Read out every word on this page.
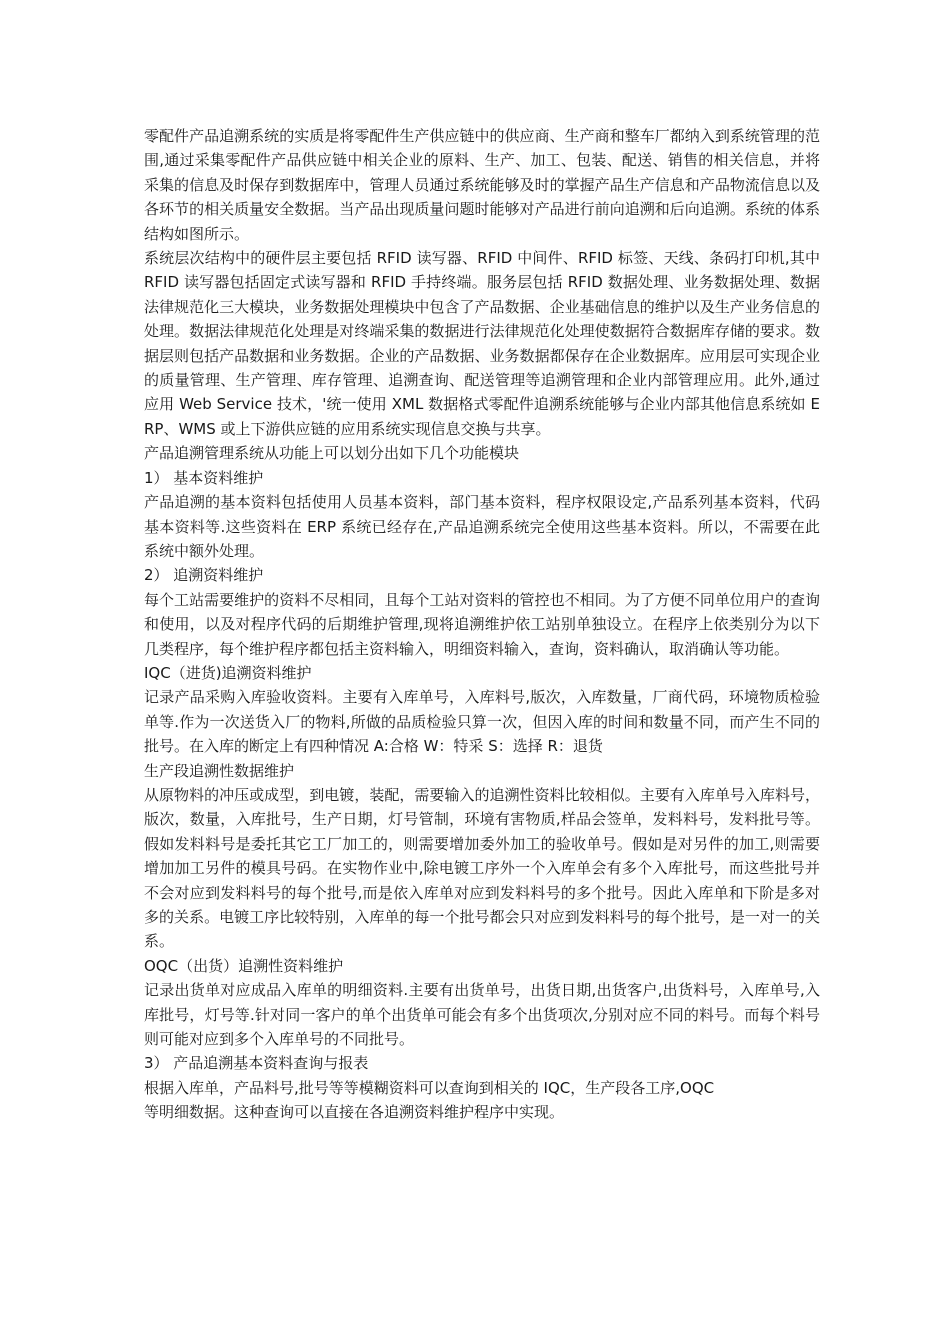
零配件产品追溯系统的实质是将零配件生产供应链中的供应商、生产商和整车厂都纳入到系统管理的范围,通过采集零配件产品供应链中相关企业的原料、生产、加工、包装、配送、销售的相关信息，并将采集的信息及时保存到数据库中，管理人员通过系统能够及时的掌握产品生产信息和产品物流信息以及各环节的相关质量安全数据。当产品出现质量问题时能够对产品进行前向追溯和后向追溯。系统的体系结构如图所示。

系统层次结构中的硬件层主要包括 RFID 读写器、RFID 中间件、RFID 标签、天线、条码打印机,其中 RFID 读写器包括固定式读写器和 RFID 手持终端。服务层包括 RFID 数据处理、业务数据处理、数据法律规范化三大模块，业务数据处理模块中包含了产品数据、企业基础信息的维护以及生产业务信息的处理。数据法律规范化处理是对终端采集的数据进行法律规范化处理使数据符合数据库存储的要求。数据层则包括产品数据和业务数据。企业的产品数据、业务数据都保存在企业数据库。应用层可实现企业的质量管理、生产管理、库存管理、追溯查询、配送管理等追溯管理和企业内部管理应用。此外,通过应用 Web Service 技术，'统一使用 XML 数据格式零配件追溯系统能够与企业内部其他信息系统如 ERP、WMS 或上下游供应链的应用系统实现信息交换与共享。

产品追溯管理系统从功能上可以划分出如下几个功能模块

1） 基本资料维护

产品追溯的基本资料包括使用人员基本资料，部门基本资料，程序权限设定,产品系列基本资料，代码基本资料等.这些资料在 ERP 系统已经存在,产品追溯系统完全使用这些基本资料。所以，不需要在此系统中额外处理。

2） 追溯资料维护

每个工站需要维护的资料不尽相同，且每个工站对资料的管控也不相同。为了方便不同单位用户的查询和使用，以及对程序代码的后期维护管理,现将追溯维护依工站别单独设立。在程序上依类别分为以下几类程序，每个维护程序都包括主资料输入，明细资料输入，查询，资料确认，取消确认等功能。

IQC（进货)追溯资料维护

记录产品采购入库验收资料。主要有入库单号，入库料号,版次，入库数量，厂商代码，环境物质检验单等.作为一次送货入厂的物料,所做的品质检验只算一次，但因入库的时间和数量不同，而产生不同的批号。在入库的断定上有四种情况 A:合格 W：特采 S：选择 R：退货

生产段追溯性数据维护

从原物料的冲压或成型，到电镀，装配，需要输入的追溯性资料比较相似。主要有入库单号入库料号，版次，数量，入库批号，生产日期，灯号管制，环境有害物质,样品会签单，发料料号，发料批号等。假如发料料号是委托其它工厂加工的，则需要增加委外加工的验收单号。假如是对另件的加工,则需要增加加工另件的模具号码。在实物作业中,除电镀工序外一个入库单会有多个入库批号，而这些批号并不会对应到发料料号的每个批号,而是依入库单对应到发料料号的多个批号。因此入库单和下阶是多对多的关系。电镀工序比较特别，入库单的每一个批号都会只对应到发料料号的每个批号，是一对一的关系。

OQC（出货）追溯性资料维护

记录出货单对应成品入库单的明细资料.主要有出货单号，出货日期,出货客户,出货料号，入库单号,入库批号，灯号等.针对同一客户的单个出货单可能会有多个出货项次,分别对应不同的料号。而每个料号则可能对应到多个入库单号的不同批号。

3） 产品追溯基本资料查询与报表

根据入库单，产品料号,批号等等模糊资料可以查询到相关的 IQC，生产段各工序,OQC

等明细数据。这种查询可以直接在各追溯资料维护程序中实现。
